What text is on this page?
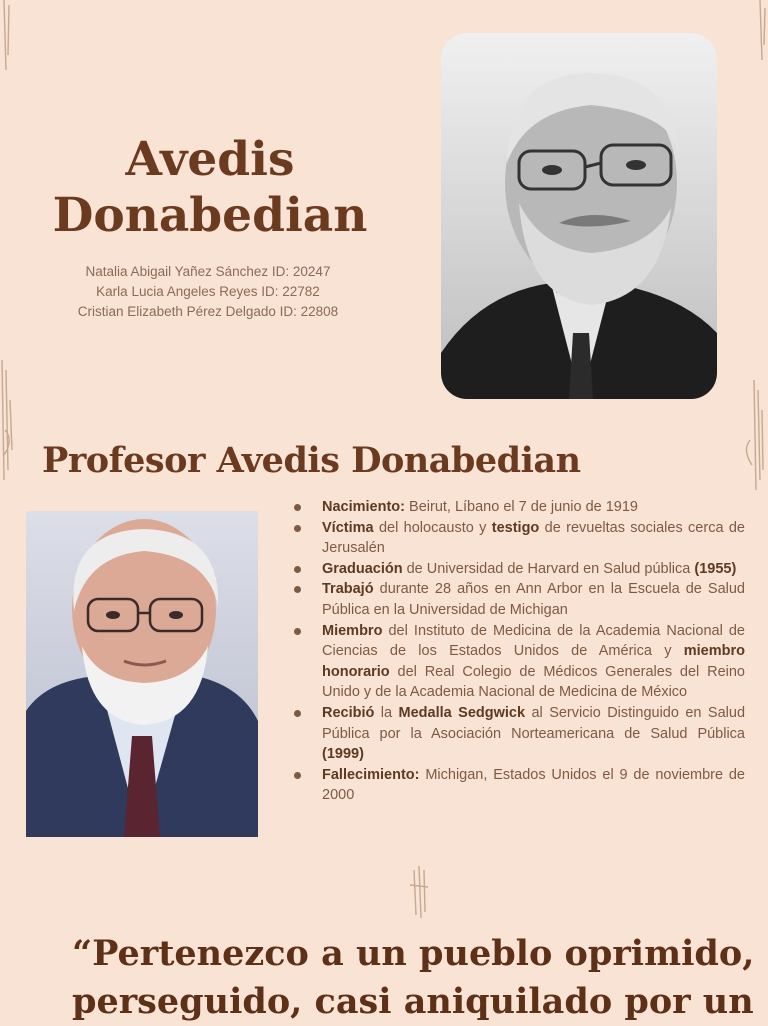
Avedis
Donabedian
Natalia Abigail Yañez Sánchez ID: 20247
Karla Lucia Angeles Reyes ID: 22782
Cristian Elizabeth Pérez Delgado ID: 22808
Profesor Avedis Donabedian
Nacimiento: Beirut, Líbano el 7 de junio de 1919
Víctima del holocausto y testigo de revueltas sociales cerca de Jerusalén
Graduación de Universidad de Harvard en Salud pública (1955)
Trabajó durante 28 años en Ann Arbor en la Escuela de Salud Pública en la Universidad de Michigan
Miembro del Instituto de Medicina de la Academia Nacional de Ciencias de los Estados Unidos de América y miembro honorario del Real Colegio de Médicos Generales del Reino Unido y de la Academia Nacional de Medicina de México
Recibió la Medalla Sedgwick al Servicio Distinguido en Salud Pública por la Asociación Norteamericana de Salud Pública (1999)
Fallecimiento: Michigan, Estados Unidos el 9 de noviembre de 2000
“Pertenezco a un pueblo oprimido,
perseguido, casi aniquilado por un
